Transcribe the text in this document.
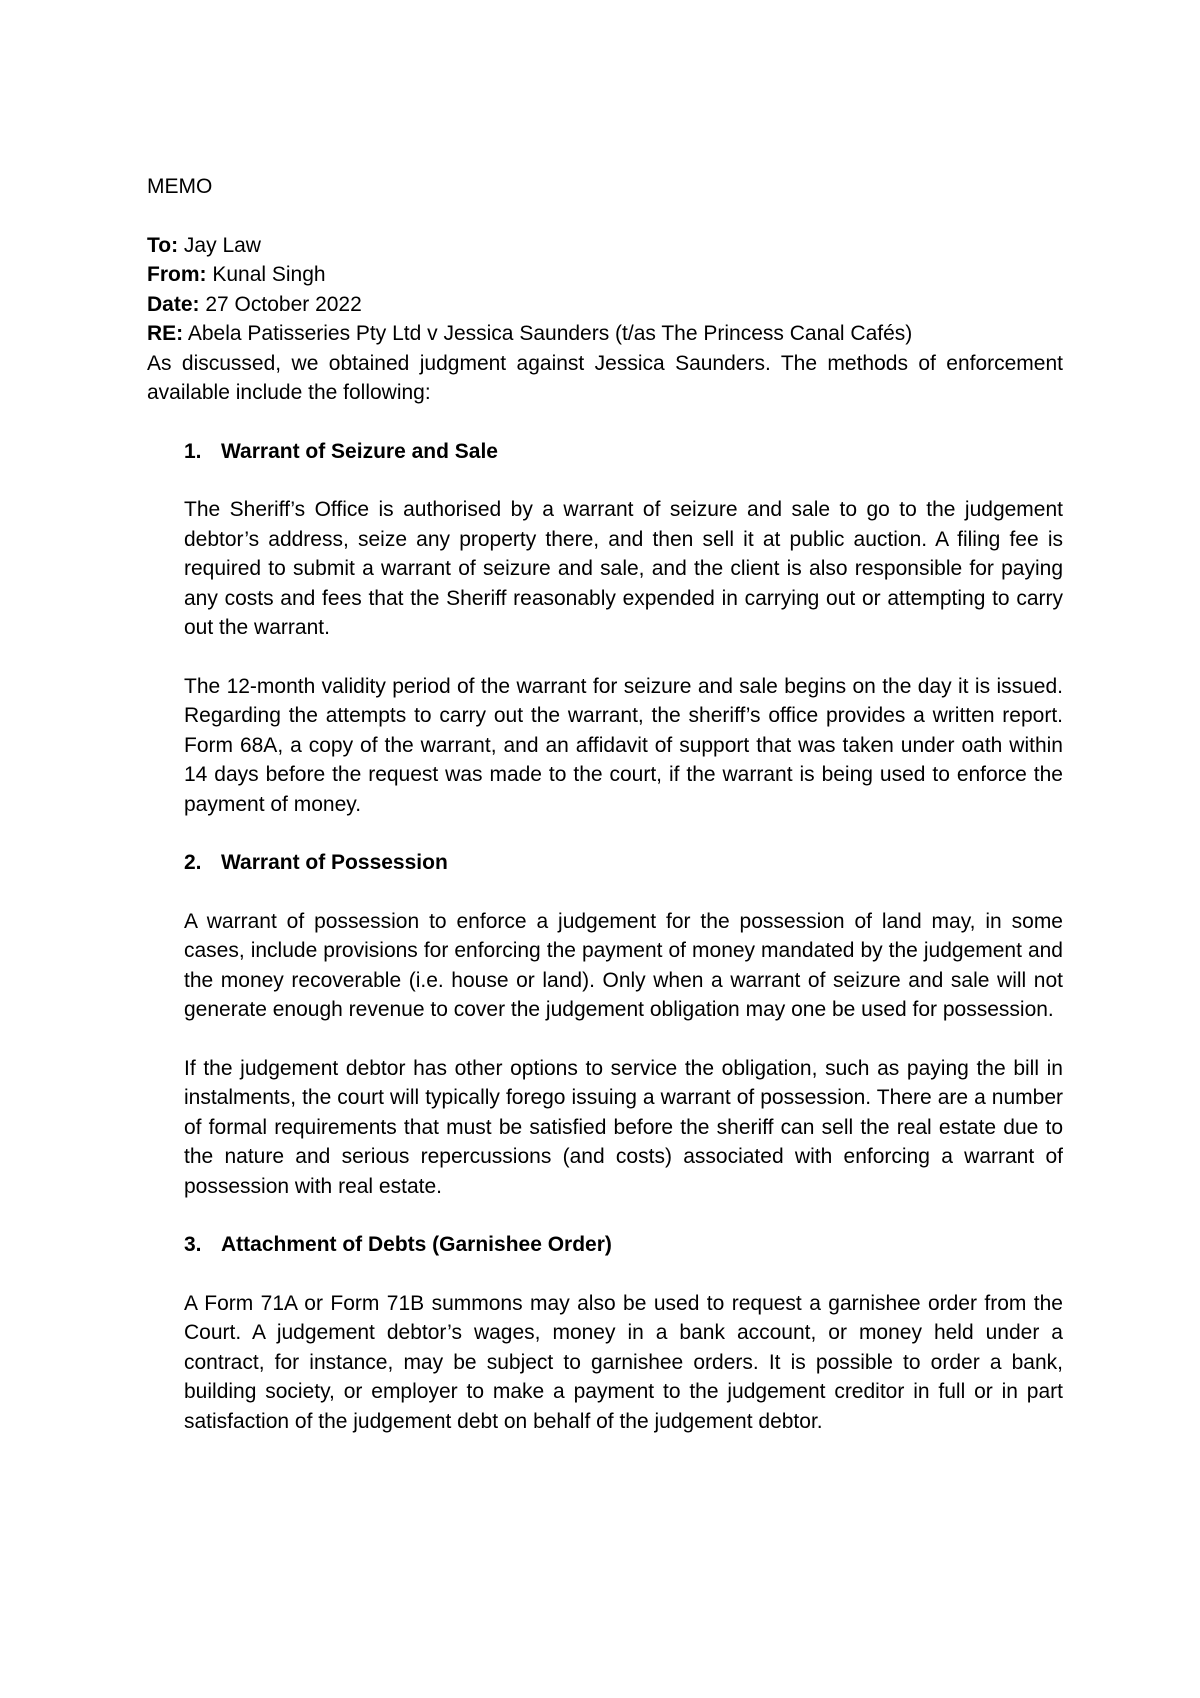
MEMO

To: Jay Law

From: Kunal Singh

Date: 27 October 2022

RE: Abela Patisseries Pty Ltd v Jessica Saunders (t/as The Princess Canal Cafés)

As discussed, we obtained judgment against Jessica Saunders. The methods of enforcement available include the following:

1. Warrant of Seizure and Sale

The Sheriff’s Office is authorised by a warrant of seizure and sale to go to the judgement debtor’s address, seize any property there, and then sell it at public auction. A filing fee is required to submit a warrant of seizure and sale, and the client is also responsible for paying any costs and fees that the Sheriff reasonably expended in carrying out or attempting to carry out the warrant.

The 12-month validity period of the warrant for seizure and sale begins on the day it is issued. Regarding the attempts to carry out the warrant, the sheriff’s office provides a written report. Form 68A, a copy of the warrant, and an affidavit of support that was taken under oath within 14 days before the request was made to the court, if the warrant is being used to enforce the payment of money.

2. Warrant of Possession

A warrant of possession to enforce a judgement for the possession of land may, in some cases, include provisions for enforcing the payment of money mandated by the judgement and the money recoverable (i.e. house or land). Only when a warrant of seizure and sale will not generate enough revenue to cover the judgement obligation may one be used for possession.

If the judgement debtor has other options to service the obligation, such as paying the bill in instalments, the court will typically forego issuing a warrant of possession. There are a number of formal requirements that must be satisfied before the sheriff can sell the real estate due to the nature and serious repercussions (and costs) associated with enforcing a warrant of possession with real estate.

3. Attachment of Debts (Garnishee Order)

A Form 71A or Form 71B summons may also be used to request a garnishee order from the Court. A judgement debtor’s wages, money in a bank account, or money held under a contract, for instance, may be subject to garnishee orders. It is possible to order a bank, building society, or employer to make a payment to the judgement creditor in full or in part satisfaction of the judgement debt on behalf of the judgement debtor.
